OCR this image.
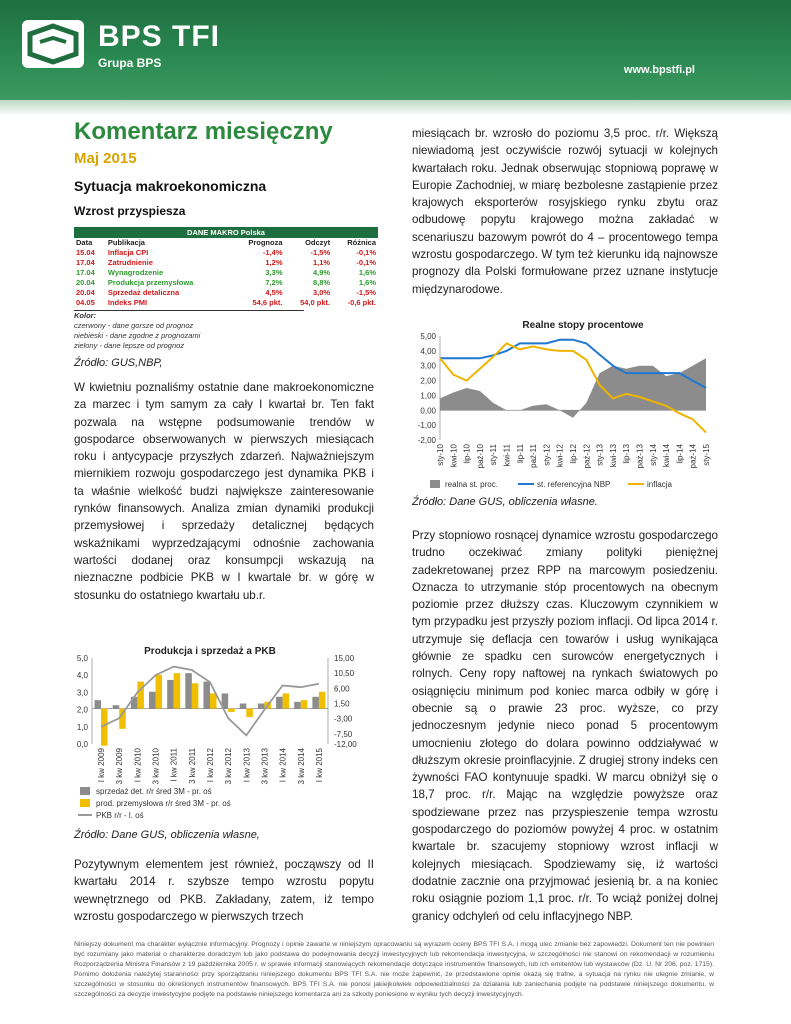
BPS TFI
Grupa BPS	www.bpstfi.pl
Komentarz miesięczny
Maj 2015
Sytuacja makroekonomiczna
Wzrost przyspiesza
DANE MAKRO Polska
Data	Publikacja	Prognoza	Odczyt	Różnica
15.04	Inflacja CPI	-1,4%	-1,5%	-0,1%
17.04	Zatrudnienie	1,2%	1,1%	-0,1%
17.04	Wynagrodzenie	3,3%	4,9%	1,6%
20.04	Produkcja przemysłowa	7,2%	8,8%	1,6%
20.04	Sprzedaż detaliczna	4,5%	3,0%	-1,5%
04.05	Indeks PMI	54,6 pkt.	54,0 pkt.	-0,6 pkt.
Kolor:
czerwony - dane gorsze od prognoz
niebieski - dane zgodne z prognozami
zielony - dane lepsze od prognoz
Źródło: GUS,NBP,

W kwietniu poznaliśmy ostatnie dane makroekonomiczne za marzec i tym samym za cały I kwartał br. Ten fakt pozwala na wstępne podsumowanie trendów w gospodarce obserwowanych w pierwszych miesiącach roku i antycypacje przyszłych zdarzeń. Najważniejszym miernikiem rozwoju gospodarczego jest dynamika PKB i ta właśnie wielkość budzi największe zainteresowanie rynków finansowych. Analiza zmian dynamiki produkcji przemysłowej i sprzedaży detalicznej będących wskaźnikami wyprzedzającymi odnośnie zachowania wartości dodanej oraz konsumpcji wskazują na nieznaczne podbicie PKB w I kwartale br. w górę w stosunku do ostatniego kwartału ub.r.

Produkcja i sprzedaż a PKB
5,0
4,0
3,0
2,0
1,0
0,0
15,00
10,50
6,00
1,50
-3,00
-7,50
-12,00
I kw 2009 3 kw 2009 I kw 2010 3 kw 2010 I kw 2011 3 kw 2011 I kw 2012 3 kw 2012 I kw 2013 3 kw 2013 I kw 2014 3 kw 2014 I kw 2015
sprzedaż det. r/r śred 3M - pr. oś
prod. przemysłowa r/r śred 3M - pr. oś
PKB r/r - l. oś
Źródło: Dane GUS, obliczenia własne,

Pozytywnym elementem jest również, począwszy od II kwartału 2014 r. szybsze tempo wzrostu popytu wewnętrznego od PKB. Zakładany, zatem, iż tempo wzrostu gospodarczego w pierwszych trzech

miesiącach br. wzrosło do poziomu 3,5 proc. r/r. Większą niewiadomą jest oczywiście rozwój sytuacji w kolejnych kwartałach roku. Jednak obserwując stopniową poprawę w Europie Zachodniej, w miarę bezbolesne zastąpienie przez krajowych eksporterów rosyjskiego rynku zbytu oraz odbudowę popytu krajowego można zakładać w scenariuszu bazowym powrót do 4 – procentowego tempa wzrostu gospodarczego. W tym też kierunku idą najnowsze prognozy dla Polski formułowane przez uznane instytucje międzynarodowe.

Realne stopy procentowe
5,00
4,00
3,00
2,00
1,00
0,00
-1,00
-2,00
sty-10 kwi-10 lip-10 paź-10 sty-11 kwi-11 lip-11 paź-11 sty-12 kwi-12 lip-12 paź-12 sty-13 kwi-13 lip-13 paź-13 sty-14 kwi-14 lip-14 paź-14 sty-15
realna st. proc.	st. referencyjna NBP	inflacja
Źródło: Dane GUS, obliczenia własne.

Przy stopniowo rosnącej dynamice wzrostu gospodarczego trudno oczekiwać zmiany polityki pieniężnej zadekretowanej przez RPP na marcowym posiedzeniu. Oznacza to utrzymanie stóp procentowych na obecnym poziomie przez dłuższy czas. Kluczowym czynnikiem w tym przypadku jest przyszły poziom inflacji. Od lipca 2014 r. utrzymuje się deflacja cen towarów i usług wynikająca głównie ze spadku cen surowców energetycznych i rolnych. Ceny ropy naftowej na rynkach światowych po osiągnięciu minimum pod koniec marca odbiły w górę i obecnie są o prawie 23 proc. wyższe, co przy jednoczesnym jedynie nieco ponad 5 procentowym umocnieniu złotego do dolara powinno oddziaływać w dłuższym okresie proinflacyjnie. Z drugiej strony indeks cen żywności FAO kontynuuje spadki. W marcu obniżył się o 18,7 proc. r/r. Mając na względzie powyższe oraz spodziewane przez nas przyspieszenie tempa wzrostu gospodarczego do poziomów powyżej 4 proc. w ostatnim kwartale br. szacujemy stopniowy wzrost inflacji w kolejnych miesiącach. Spodziewamy się, iż wartości dodatnie zacznie ona przyjmować jesienią br. a na koniec roku osiągnie poziom 1,1 proc. r/r. To wciąż poniżej dolnej granicy odchyleń od celu inflacyjnego NBP.

Niniejszy dokument ma charakter wyłącznie informacyjny. Prognozy i opinie zawarte w niniejszym opracowaniu są wyrazem oceny BPS TFI S.A. i mogą ulec zmianie bez zapowiedzi. Dokument ten nie powinien być rozumiany jako materiał o charakterze doradczym lub jako podstawa do podejmowania decyzji inwestycyjnych lub rekomendacja inwestycyjna, w szczególności nie stanowi on rekomendacji w rozumieniu Rozporządzenia Ministra Finansów z 19 października 2005 r. w sprawie informacji stanowiących rekomendacje dotyczące instrumentów finansowych, lub ich emitentów lub wystawców (Dz. U. Nr 206, poz. 1715). Pomimo dołożenia należytej staranności przy sporządzaniu niniejszego dokumentu BPS TFI S.A. nie może zapewnić, że przedstawione opinie okażą się trafne, a sytuacja na rynku nie ulegnie zmianie, w szczególności w stosunku do określonych instrumentów finansowych. BPS TFI S.A. nie ponosi jakiejkolwiek odpowiedzialności za działania lub zaniechania podjęte na podstawie niniejszego dokumentu, w szczególności za decyzje inwestycyjne podjęte na podstawie niniejszego komentarza ani za szkody poniesione w wyniku tych decyzji inwestycyjnych.
